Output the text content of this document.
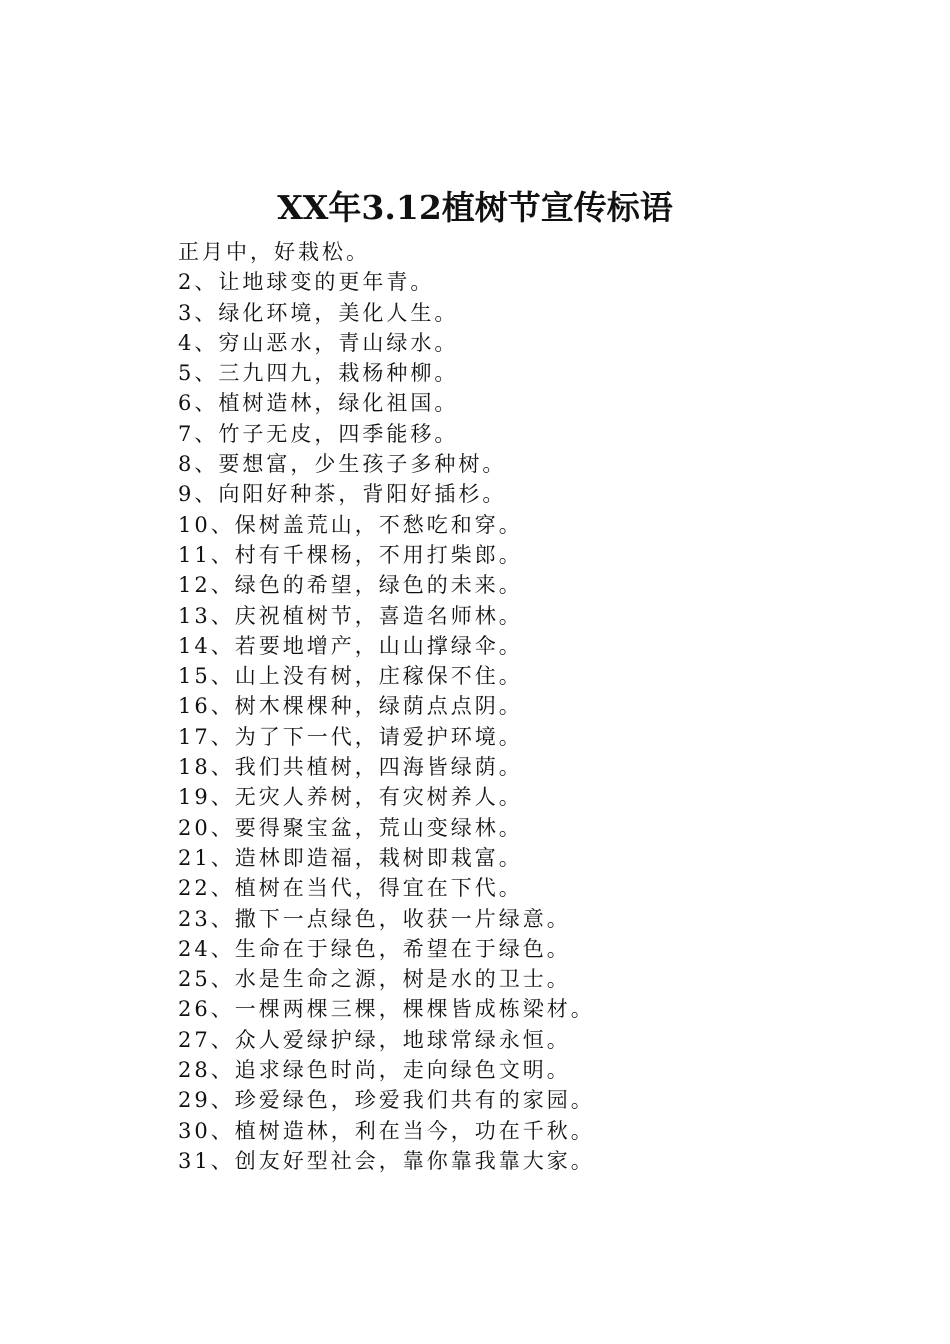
XX年3.12植树节宣传标语
正月中，好栽松。
2、让地球变的更年青。
3、绿化环境，美化人生。
4、穷山恶水，青山绿水。
5、三九四九，栽杨种柳。
6、植树造林，绿化祖国。
7、竹子无皮，四季能移。
8、要想富，少生孩子多种树。
9、向阳好种茶，背阳好插杉。
10、保树盖荒山，不愁吃和穿。
11、村有千棵杨，不用打柴郎。
12、绿色的希望，绿色的未来。
13、庆祝植树节，喜造名师林。
14、若要地增产，山山撑绿伞。
15、山上没有树，庄稼保不住。
16、树木棵棵种，绿荫点点阴。
17、为了下一代，请爱护环境。
18、我们共植树，四海皆绿荫。
19、无灾人养树，有灾树养人。
20、要得聚宝盆，荒山变绿林。
21、造林即造福，栽树即栽富。
22、植树在当代，得宜在下代。
23、撒下一点绿色，收获一片绿意。
24、生命在于绿色，希望在于绿色。
25、水是生命之源，树是水的卫士。
26、一棵两棵三棵，棵棵皆成栋梁材。
27、众人爱绿护绿，地球常绿永恒。
28、追求绿色时尚，走向绿色文明。
29、珍爱绿色，珍爱我们共有的家园。
30、植树造林，利在当今，功在千秋。
31、创友好型社会，靠你靠我靠大家。
